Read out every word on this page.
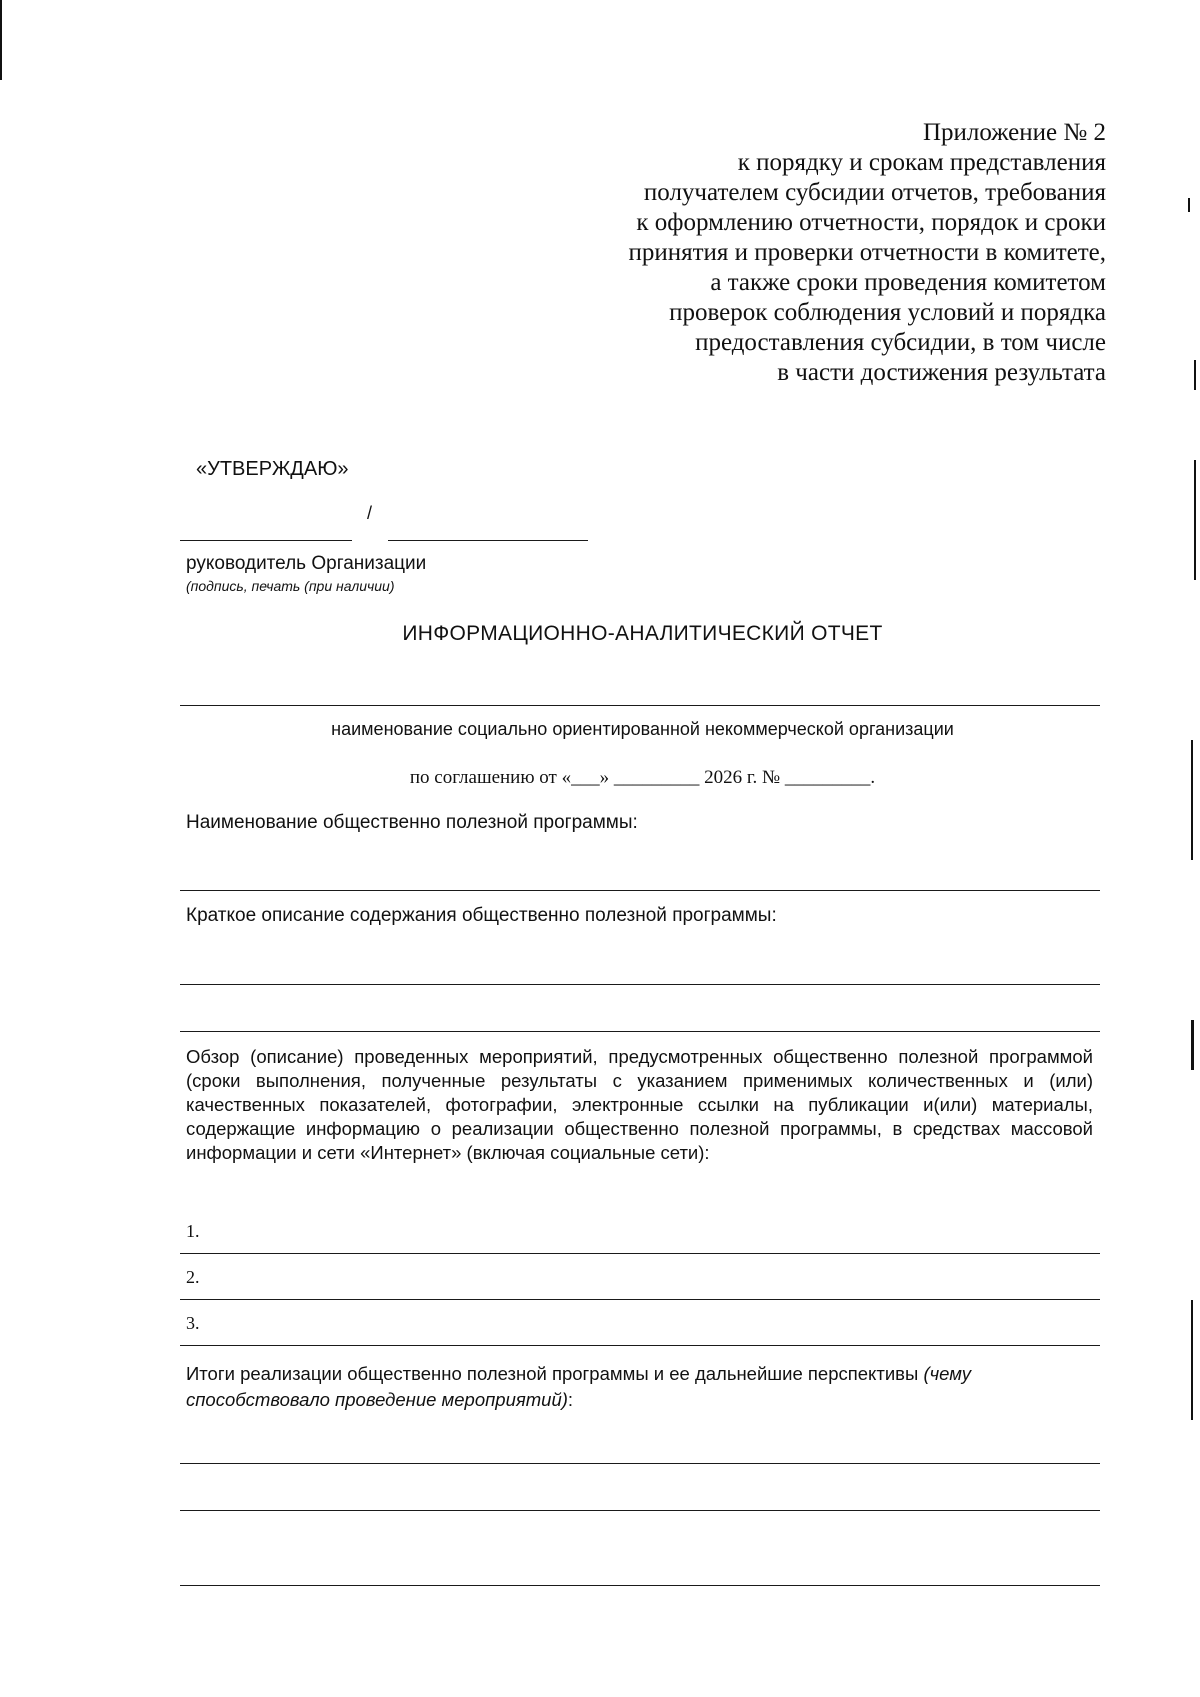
Приложение № 2
к порядку и срокам представления
получателем субсидии отчетов, требования
к оформлению отчетности, порядок и сроки
принятия и проверки отчетности в комитете,
а также сроки проведения комитетом
проверок соблюдения условий и порядка
предоставления субсидии, в том числе
в части достижения результата
«УТВЕРЖДАЮ»
/
руководитель Организации
(подпись, печать (при наличии)
ИНФОРМАЦИОННО-АНАЛИТИЧЕСКИЙ ОТЧЕТ
наименование социально ориентированной некоммерческой организации
по соглашению от «___» _________ 2026 г. № _________.
Наименование общественно полезной программы:
Краткое описание содержания общественно полезной программы:
Обзор (описание) проведенных мероприятий, предусмотренных общественно полезной программой (сроки выполнения, полученные результаты с указанием применимых количественных и (или) качественных показателей, фотографии, электронные ссылки на публикации и(или) материалы, содержащие информацию о реализации общественно полезной программы, в средствах массовой информации и сети «Интернет» (включая социальные сети):
1.
2.
3.
Итоги реализации общественно полезной программы и ее дальнейшие перспективы (чему способствовало проведение мероприятий):
